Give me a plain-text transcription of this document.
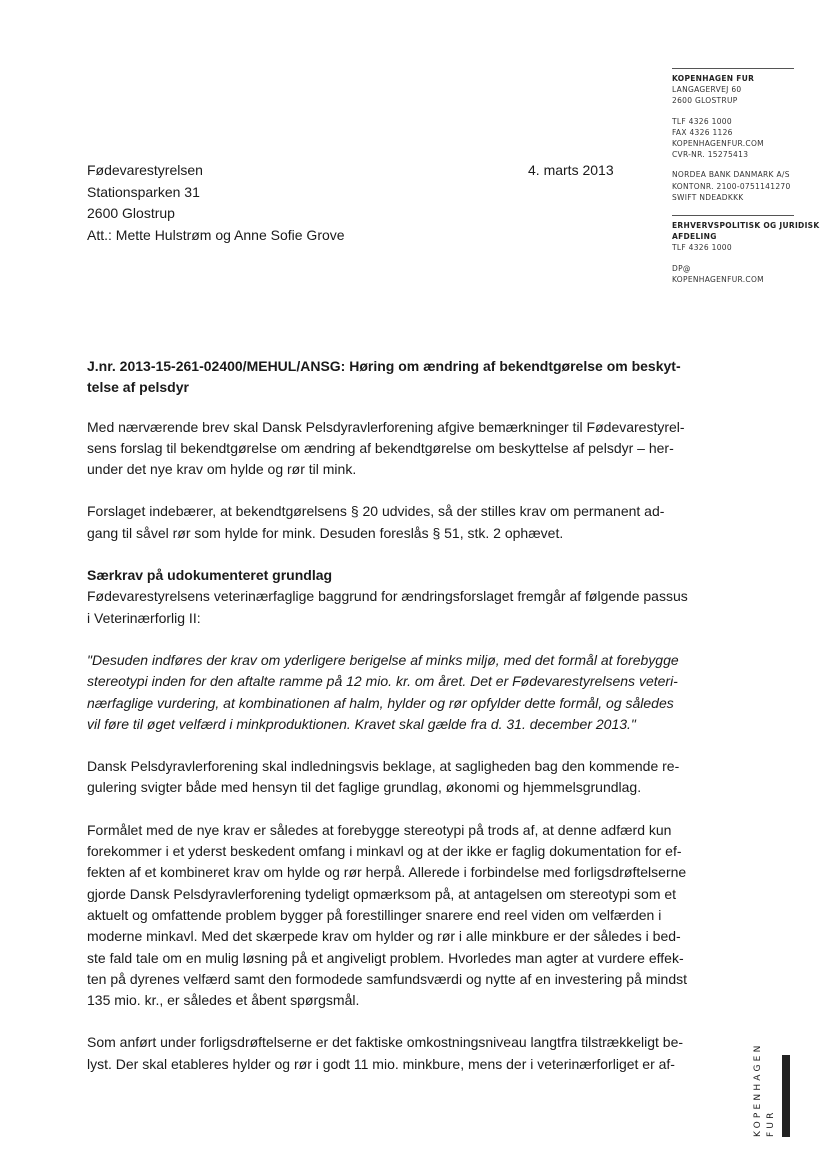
KOPENHAGEN FUR
LANGAGERVEJ 60
2600 GLOSTRUP
TLF 4326 1000
FAX 4326 1126
KOPENHAGENFUR.COM
CVR-NR. 15275413
NORDEA BANK DANMARK A/S
KONTONR. 2100-0751141270
SWIFT NDEADKKK
ERHVERVSPOLITISK OG JURIDISK
AFDELING
TLF 4326 1000
DP@
KOPENHAGENFUR.COM
Fødevarestyrelsen
Stationsparken 31
2600 Glostrup
Att.: Mette Hulstrøm og Anne Sofie Grove
4. marts 2013
J.nr. 2013-15-261-02400/MEHUL/ANSG: Høring om ændring af bekendtgørelse om beskyt-
telse af pelsdyr
Med nærværende brev skal Dansk Pelsdyravlerforening afgive bemærkninger til Fødevarestyrel-
sens forslag til bekendtgørelse om ændring af bekendtgørelse om beskyttelse af pelsdyr – her-
under det nye krav om hylde og rør til mink.
Forslaget indebærer, at bekendtgørelsens § 20 udvides, så der stilles krav om permanent ad-
gang til såvel rør som hylde for mink. Desuden foreslås § 51, stk. 2 ophævet.
Særkrav på udokumenteret grundlag
Fødevarestyrelsens veterinærfaglige baggrund for ændringsforslaget fremgår af følgende passus
i Veterinærforlig II:
"Desuden indføres der krav om yderligere berigelse af minks miljø, med det formål at forebygge
stereotypi inden for den aftalte ramme på 12 mio. kr. om året. Det er Fødevarestyrelsens veteri-
nærfaglige vurdering, at kombinationen af halm, hylder og rør opfylder dette formål, og således
vil føre til øget velfærd i minkproduktionen. Kravet skal gælde fra d. 31. december 2013."
Dansk Pelsdyravlerforening skal indledningsvis beklage, at sagligheden bag den kommende re-
gulering svigter både med hensyn til det faglige grundlag, økonomi og hjemmelsgrundlag.
Formålet med de nye krav er således at forebygge stereotypi på trods af, at denne adfærd kun
forekommer i et yderst beskedent omfang i minkavl og at der ikke er faglig dokumentation for ef-
fekten af et kombineret krav om hylde og rør herpå. Allerede i forbindelse med forligsdrøftelserne
gjorde Dansk Pelsdyravlerforening tydeligt opmærksom på, at antagelsen om stereotypi som et
aktuelt og omfattende problem bygger på forestillinger snarere end reel viden om velfærden i
moderne minkavl. Med det skærpede krav om hylder og rør i alle minkbure er der således i bed-
ste fald tale om en mulig løsning på et angiveligt problem. Hvorledes man agter at vurdere effek-
ten på dyrenes velfærd samt den formodede samfundsværdi og nytte af en investering på mindst
135 mio. kr., er således et åbent spørgsmål.
Som anført under forligsdrøftelserne er det faktiske omkostningsniveau langtfra tilstrækkeligt be-
lyst. Der skal etableres hylder og rør i godt 11 mio. minkbure, mens der i veterinærforliget er af-	KOPENHAGEN FUR
